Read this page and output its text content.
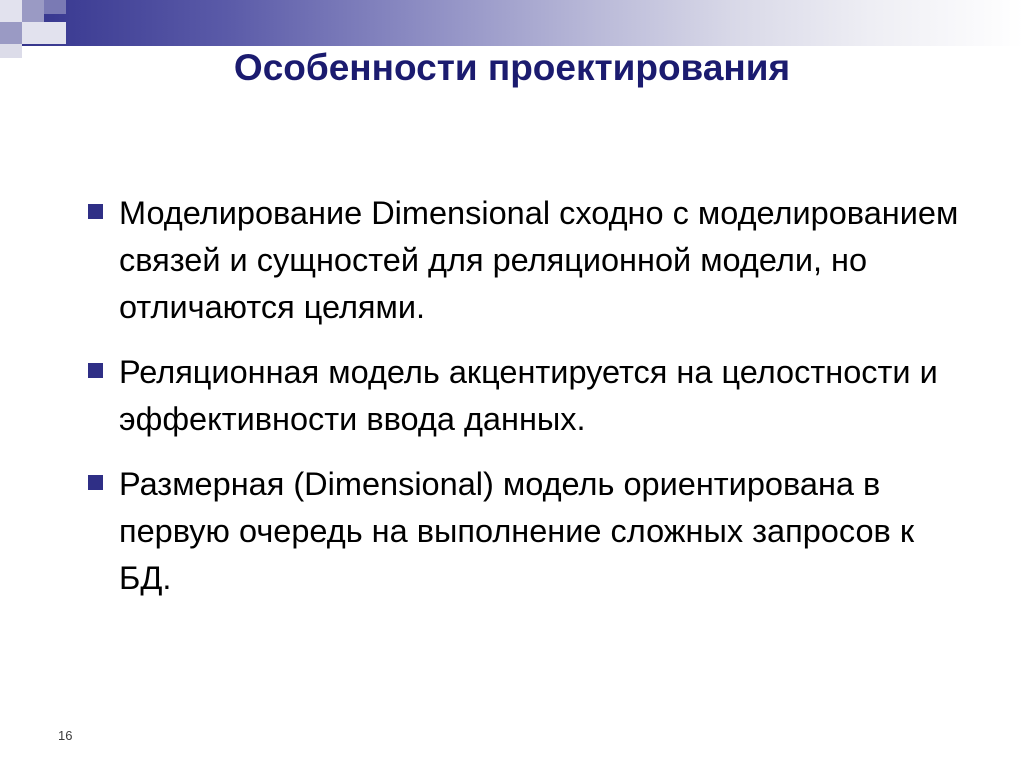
Особенности проектирования
Моделирование Dimensional сходно с моделированием связей и сущностей для реляционной модели, но отличаются целями.
Реляционная модель акцентируется на целостности и эффективности ввода данных.
Размерная (Dimensional) модель ориентирована в первую очередь на выполнение сложных запросов к БД.
16
